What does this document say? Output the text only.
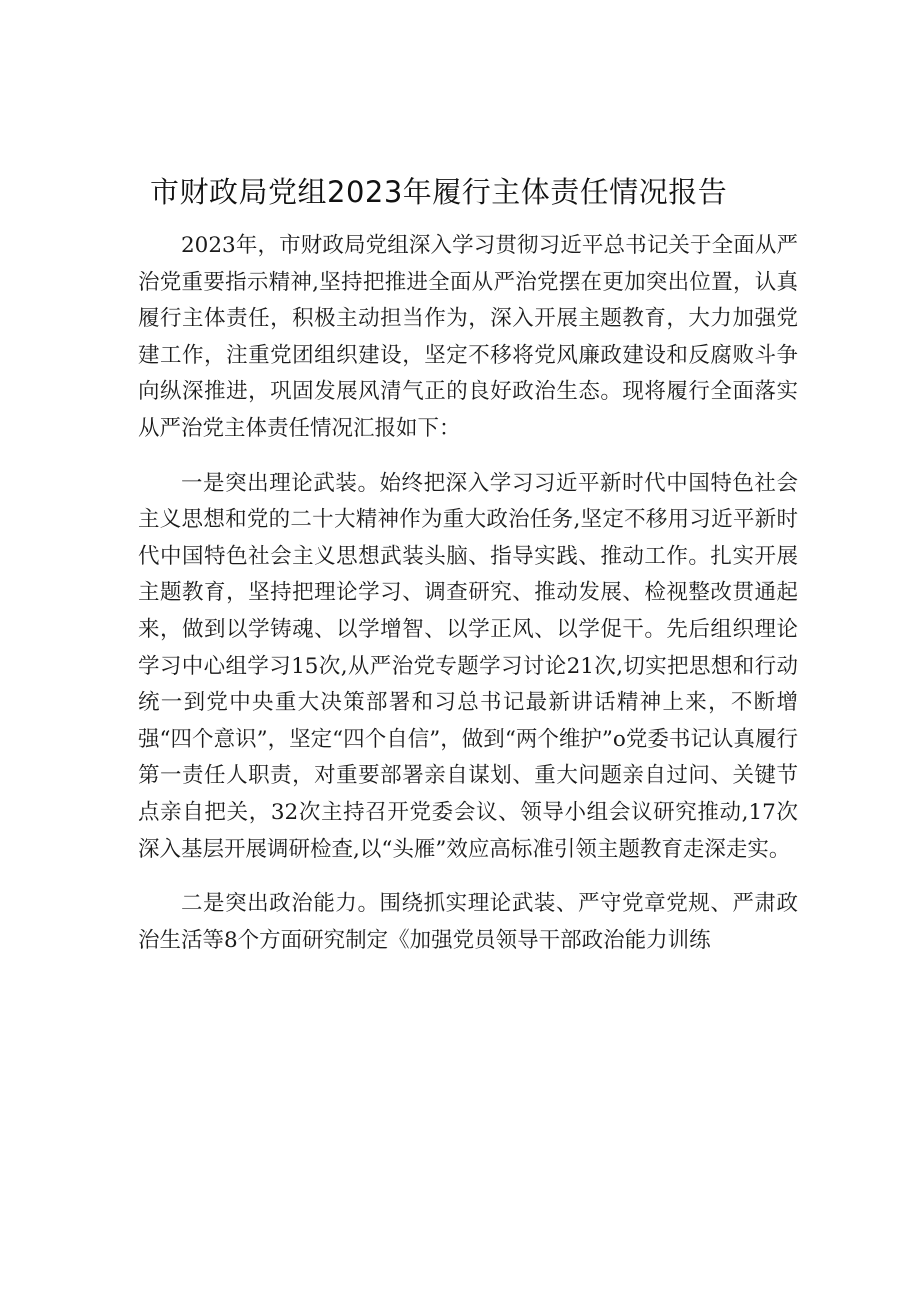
市财政局党组2023年履行主体责任情况报告

2023年，市财政局党组深入学习贯彻习近平总书记关于全面从严治党重要指示精神,坚持把推进全面从严治党摆在更加突出位置，认真履行主体责任，积极主动担当作为，深入开展主题教育，大力加强党建工作，注重党团组织建设，坚定不移将党风廉政建设和反腐败斗争向纵深推进，巩固发展风清气正的良好政治生态。现将履行全面落实从严治党主体责任情况汇报如下：

一是突出理论武装。始终把深入学习习近平新时代中国特色社会主义思想和党的二十大精神作为重大政治任务,坚定不移用习近平新时代中国特色社会主义思想武装头脑、指导实践、推动工作。扎实开展主题教育，坚持把理论学习、调查研究、推动发展、检视整改贯通起来，做到以学铸魂、以学增智、以学正风、以学促干。先后组织理论学习中心组学习15次,从严治党专题学习讨论21次,切实把思想和行动统一到党中央重大决策部署和习总书记最新讲话精神上来，不断增强“四个意识”，坚定“四个自信”，做到“两个维护”o党委书记认真履行第一责任人职责，对重要部署亲自谋划、重大问题亲自过问、关键节点亲自把关，32次主持召开党委会议、领导小组会议研究推动,17次深入基层开展调研检查,以“头雁”效应高标准引领主题教育走深走实。

二是突出政治能力。围绕抓实理论武装、严守党章党规、严肃政治生活等8个方面研究制定《加强党员领导干部政治能力训练
